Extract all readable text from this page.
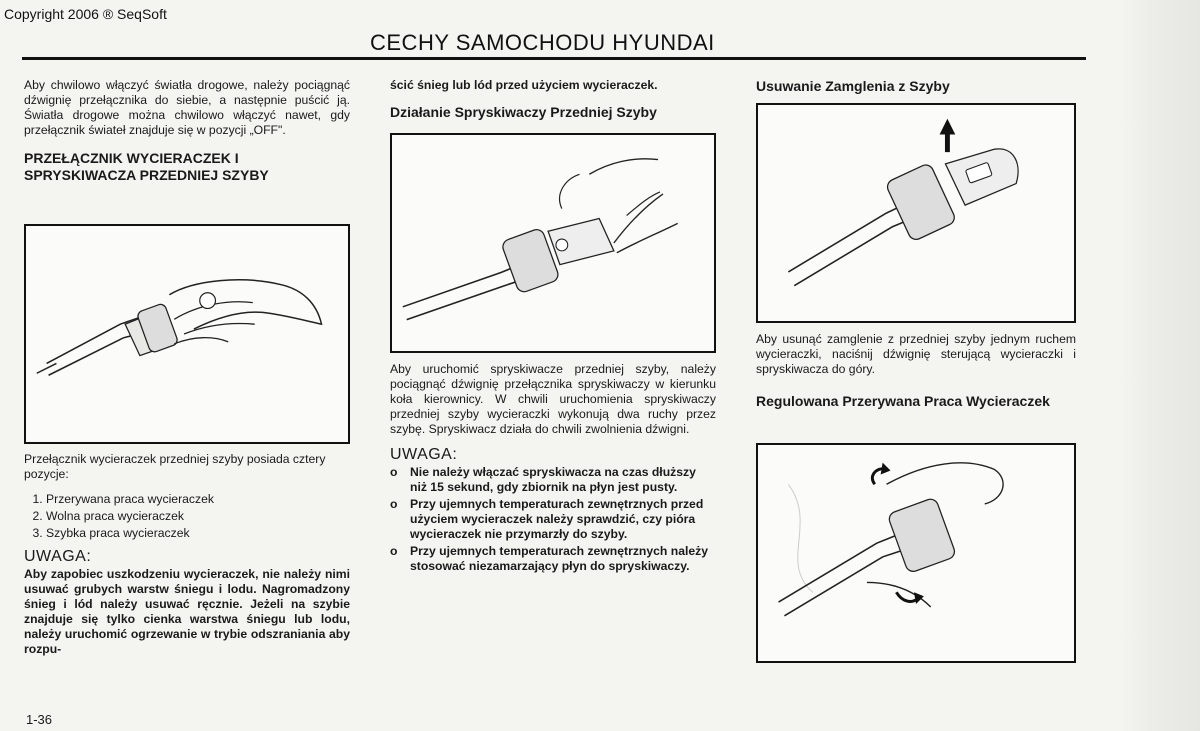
Copyright 2006 ® SeqSoft
CECHY SAMOCHODU HYUNDAI

Aby chwilowo włączyć światła drogowe, należy pociągnąć dźwignię przełącznika do siebie, a następnie puścić ją. Światła drogowe można chwilowo włączyć nawet, gdy przełącznik świateł znajduje się w pozycji „OFF".

PRZEŁĄCZNIK WYCIERACZEK I SPRYSKIWACZA PRZEDNIEJ SZYBY

Przełącznik wycieraczek przedniej szyby posiada cztery pozycje:

1. Przerywana praca wycieraczek
2. Wolna praca wycieraczek
3. Szybka praca wycieraczek

UWAGA:

Aby zapobiec uszkodzeniu wycieraczek, nie należy nimi usuwać grubych warstw śniegu i lodu. Nagromadzony śnieg i lód należy usuwać ręcznie. Jeżeli na szybie znajduje się tylko cienka warstwa śniegu lub lodu, należy uruchomić ogrzewanie w trybie odszraniania aby rozpu-

ścić śnieg lub lód przed użyciem wycieraczek.

Działanie Spryskiwaczy Przedniej Szyby

Aby uruchomić spryskiwacze przedniej szyby, należy pociągnąć dźwignię przełącznika spryskiwaczy w kierunku koła kierownicy. W chwili uruchomienia spryskiwaczy przedniej szyby wycieraczki wykonują dwa ruchy przez szybę. Spryskiwacz działa do chwili zwolnienia dźwigni.

UWAGA:

o Nie należy włączać spryskiwacza na czas dłuższy niż 15 sekund, gdy zbiornik na płyn jest pusty.
o Przy ujemnych temperaturach zewnętrznych przed użyciem wycieraczek należy sprawdzić, czy pióra wycieraczek nie przymarzły do szyby.
o Przy ujemnych temperaturach zewnętrznych należy stosować niezamarzający płyn do spryskiwaczy.

Usuwanie Zamglenia z Szyby

Aby usunąć zamglenie z przedniej szyby jednym ruchem wycieraczki, naciśnij dźwignię sterującą wycieraczki i spryskiwacza do góry.

Regulowana Przerywana Praca Wycieraczek

1-36
